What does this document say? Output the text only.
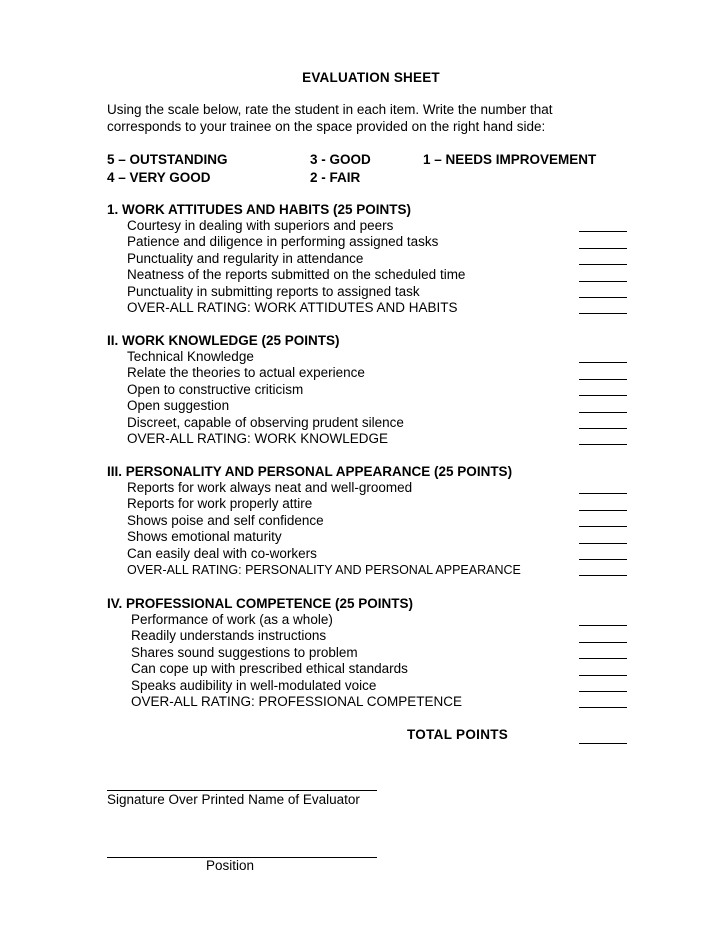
EVALUATION SHEET
Using the scale below, rate the student in each item. Write the number that
corresponds to your trainee on the space provided on the right hand side:
5 – OUTSTANDING	3 - GOOD	1 – NEEDS IMPROVEMENT
4 – VERY GOOD	2 - FAIR
1. WORK ATTITUDES AND HABITS (25 POINTS)
Courtesy in dealing with superiors and peers
Patience and diligence in performing assigned tasks
Punctuality and regularity in attendance
Neatness of the reports submitted on the scheduled time
Punctuality in submitting reports to assigned task
OVER-ALL RATING: WORK ATTIDUTES AND HABITS
II. WORK KNOWLEDGE (25 POINTS)
Technical Knowledge
Relate the theories to actual experience
Open to constructive criticism
Open suggestion
Discreet, capable of observing prudent silence
OVER-ALL RATING: WORK KNOWLEDGE
III. PERSONALITY AND PERSONAL APPEARANCE (25 POINTS)
Reports for work always neat and well-groomed
Reports for work properly attire
Shows poise and self confidence
Shows emotional maturity
Can easily deal with co-workers
OVER-ALL RATING: PERSONALITY AND PERSONAL APPEARANCE
IV. PROFESSIONAL COMPETENCE (25 POINTS)
Performance of work (as a whole)
Readily understands instructions
Shares sound suggestions to problem
Can cope up with prescribed ethical standards
Speaks audibility in well-modulated voice
OVER-ALL RATING: PROFESSIONAL COMPETENCE
TOTAL POINTS
Signature Over Printed Name of Evaluator
Position
